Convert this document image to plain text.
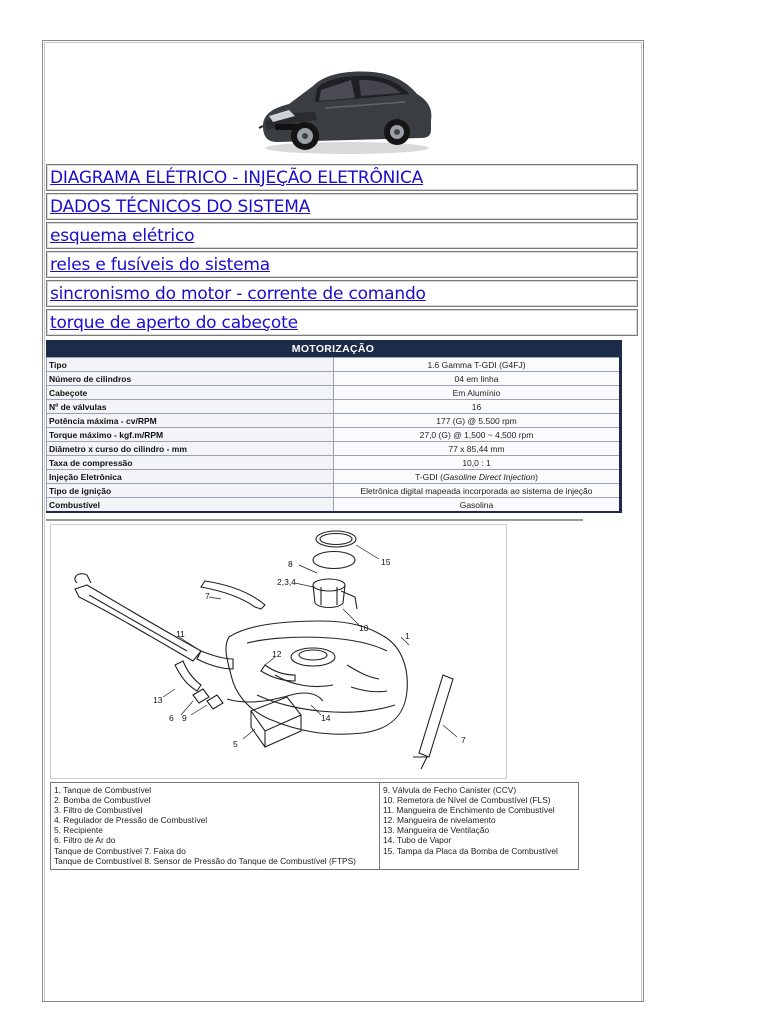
DIAGRAMA ELÉTRICO - INJEÇÃO ELETRÔNICA
DADOS TÉCNICOS DO SISTEMA
esquema elétrico
reles e fusíveis do sistema
sincronismo do motor - corrente de comando
torque de aperto do cabeçote
MOTORIZAÇÃO	
Tipo	1.6 Gamma T-GDI (G4FJ)
Número de cilindros	04 em linha
Cabeçote	Em Alumínio
Nº de válvulas	16
Potência máxima - cv/RPM	177 (G) @ 5.500 rpm
Torque máximo - kgf.m/RPM	27,0 (G) @ 1,500 ~ 4,500 rpm
Diâmetro x curso do cilindro - mm	77 x 85,44 mm
Taxa de compressão	10,0 : 1
Injeção Eletrônica	T-GDI (Gasoline Direct Injection)
Tipo de ignição	Eletrônica digital mapeada incorporada ao sistema de injeção
Combustível	Gasolina
15
8
2,3,4
7
10
1
11
12
13
6 9	14
5	7
1. Tanque de Combustível
2. Bomba de Combustível
3. Filtro de Combustível
4. Regulador de Pressão de Combustível
5. Recipiente
6. Filtro de Ar do
Tanque de Combustível 7. Faixa do
Tanque de Combustível 8. Sensor de Pressão do Tanque de Combustível (FTPS)
9. Válvula de Fecho Canister (CCV)
10. Remetora de Nível de Combustível (FLS)
11. Mangueira de Enchimento de Combustível
12. Mangueira de nivelamento
13. Mangueira de Ventilação
14. Tubo de Vapor
15. Tampa da Placa da Bomba de Combustível
